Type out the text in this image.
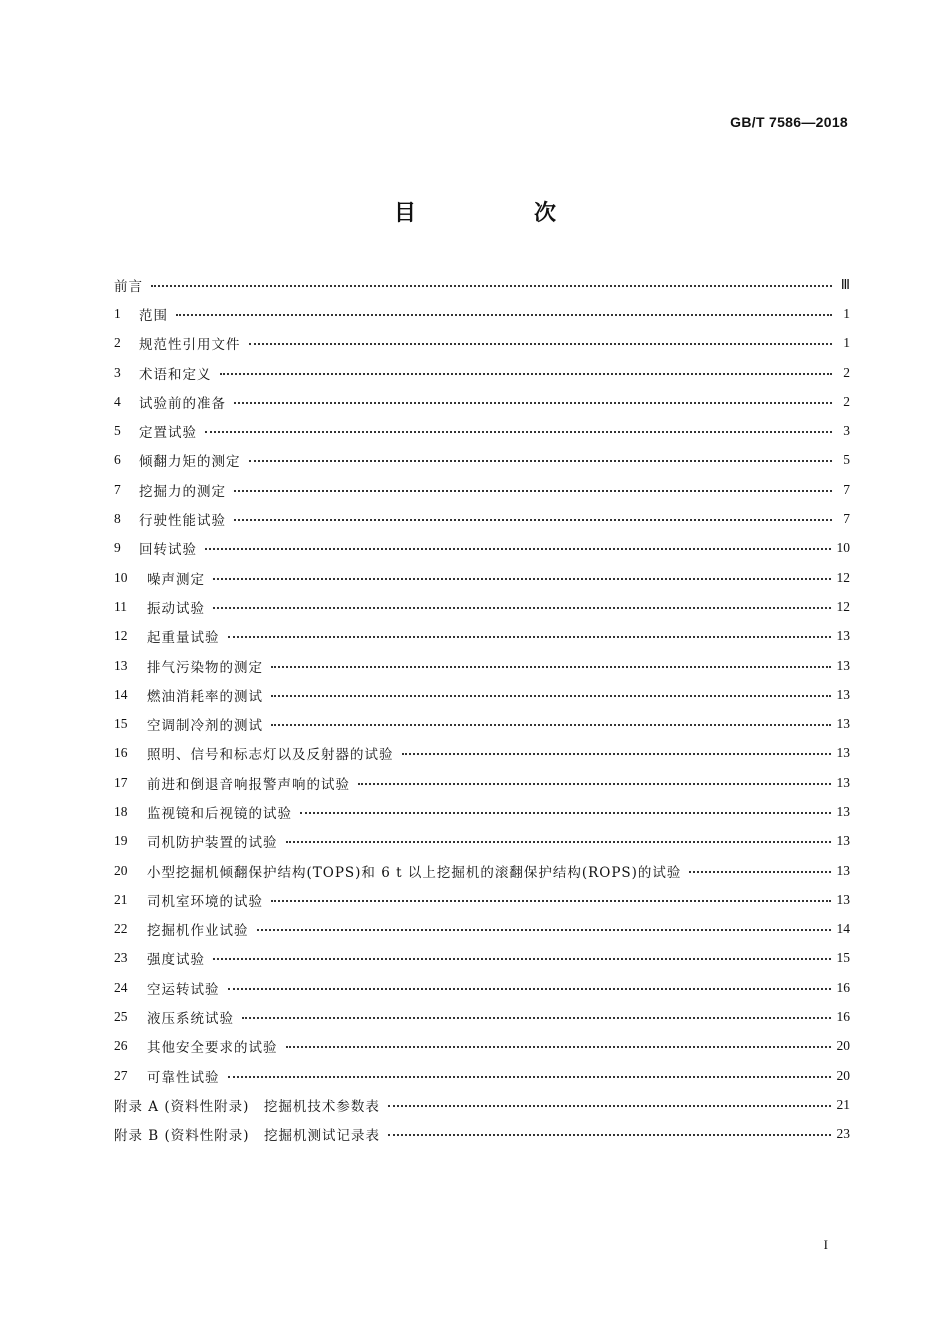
GB/T 7586—2018
目　次
前言	Ⅲ
1	范围	1
2	规范性引用文件	1
3	术语和定义	2
4	试验前的准备	2
5	定置试验	3
6	倾翻力矩的测定	5
7	挖掘力的测定	7
8	行驶性能试验	7
9	回转试验	10
10	噪声测定	12
11	振动试验	12
12	起重量试验	13
13	排气污染物的测定	13
14	燃油消耗率的测试	13
15	空调制冷剂的测试	13
16	照明、信号和标志灯以及反射器的试验	13
17	前进和倒退音响报警声响的试验	13
18	监视镜和后视镜的试验	13
19	司机防护装置的试验	13
20	小型挖掘机倾翻保护结构(TOPS)和 6 t 以上挖掘机的滚翻保护结构(ROPS)的试验	13
21	司机室环境的试验	13
22	挖掘机作业试验	14
23	强度试验	15
24	空运转试验	16
25	液压系统试验	16
26	其他安全要求的试验	20
27	可靠性试验	20
附录 A (资料性附录)　挖掘机技术参数表	21
附录 B (资料性附录)　挖掘机测试记录表	23
I
